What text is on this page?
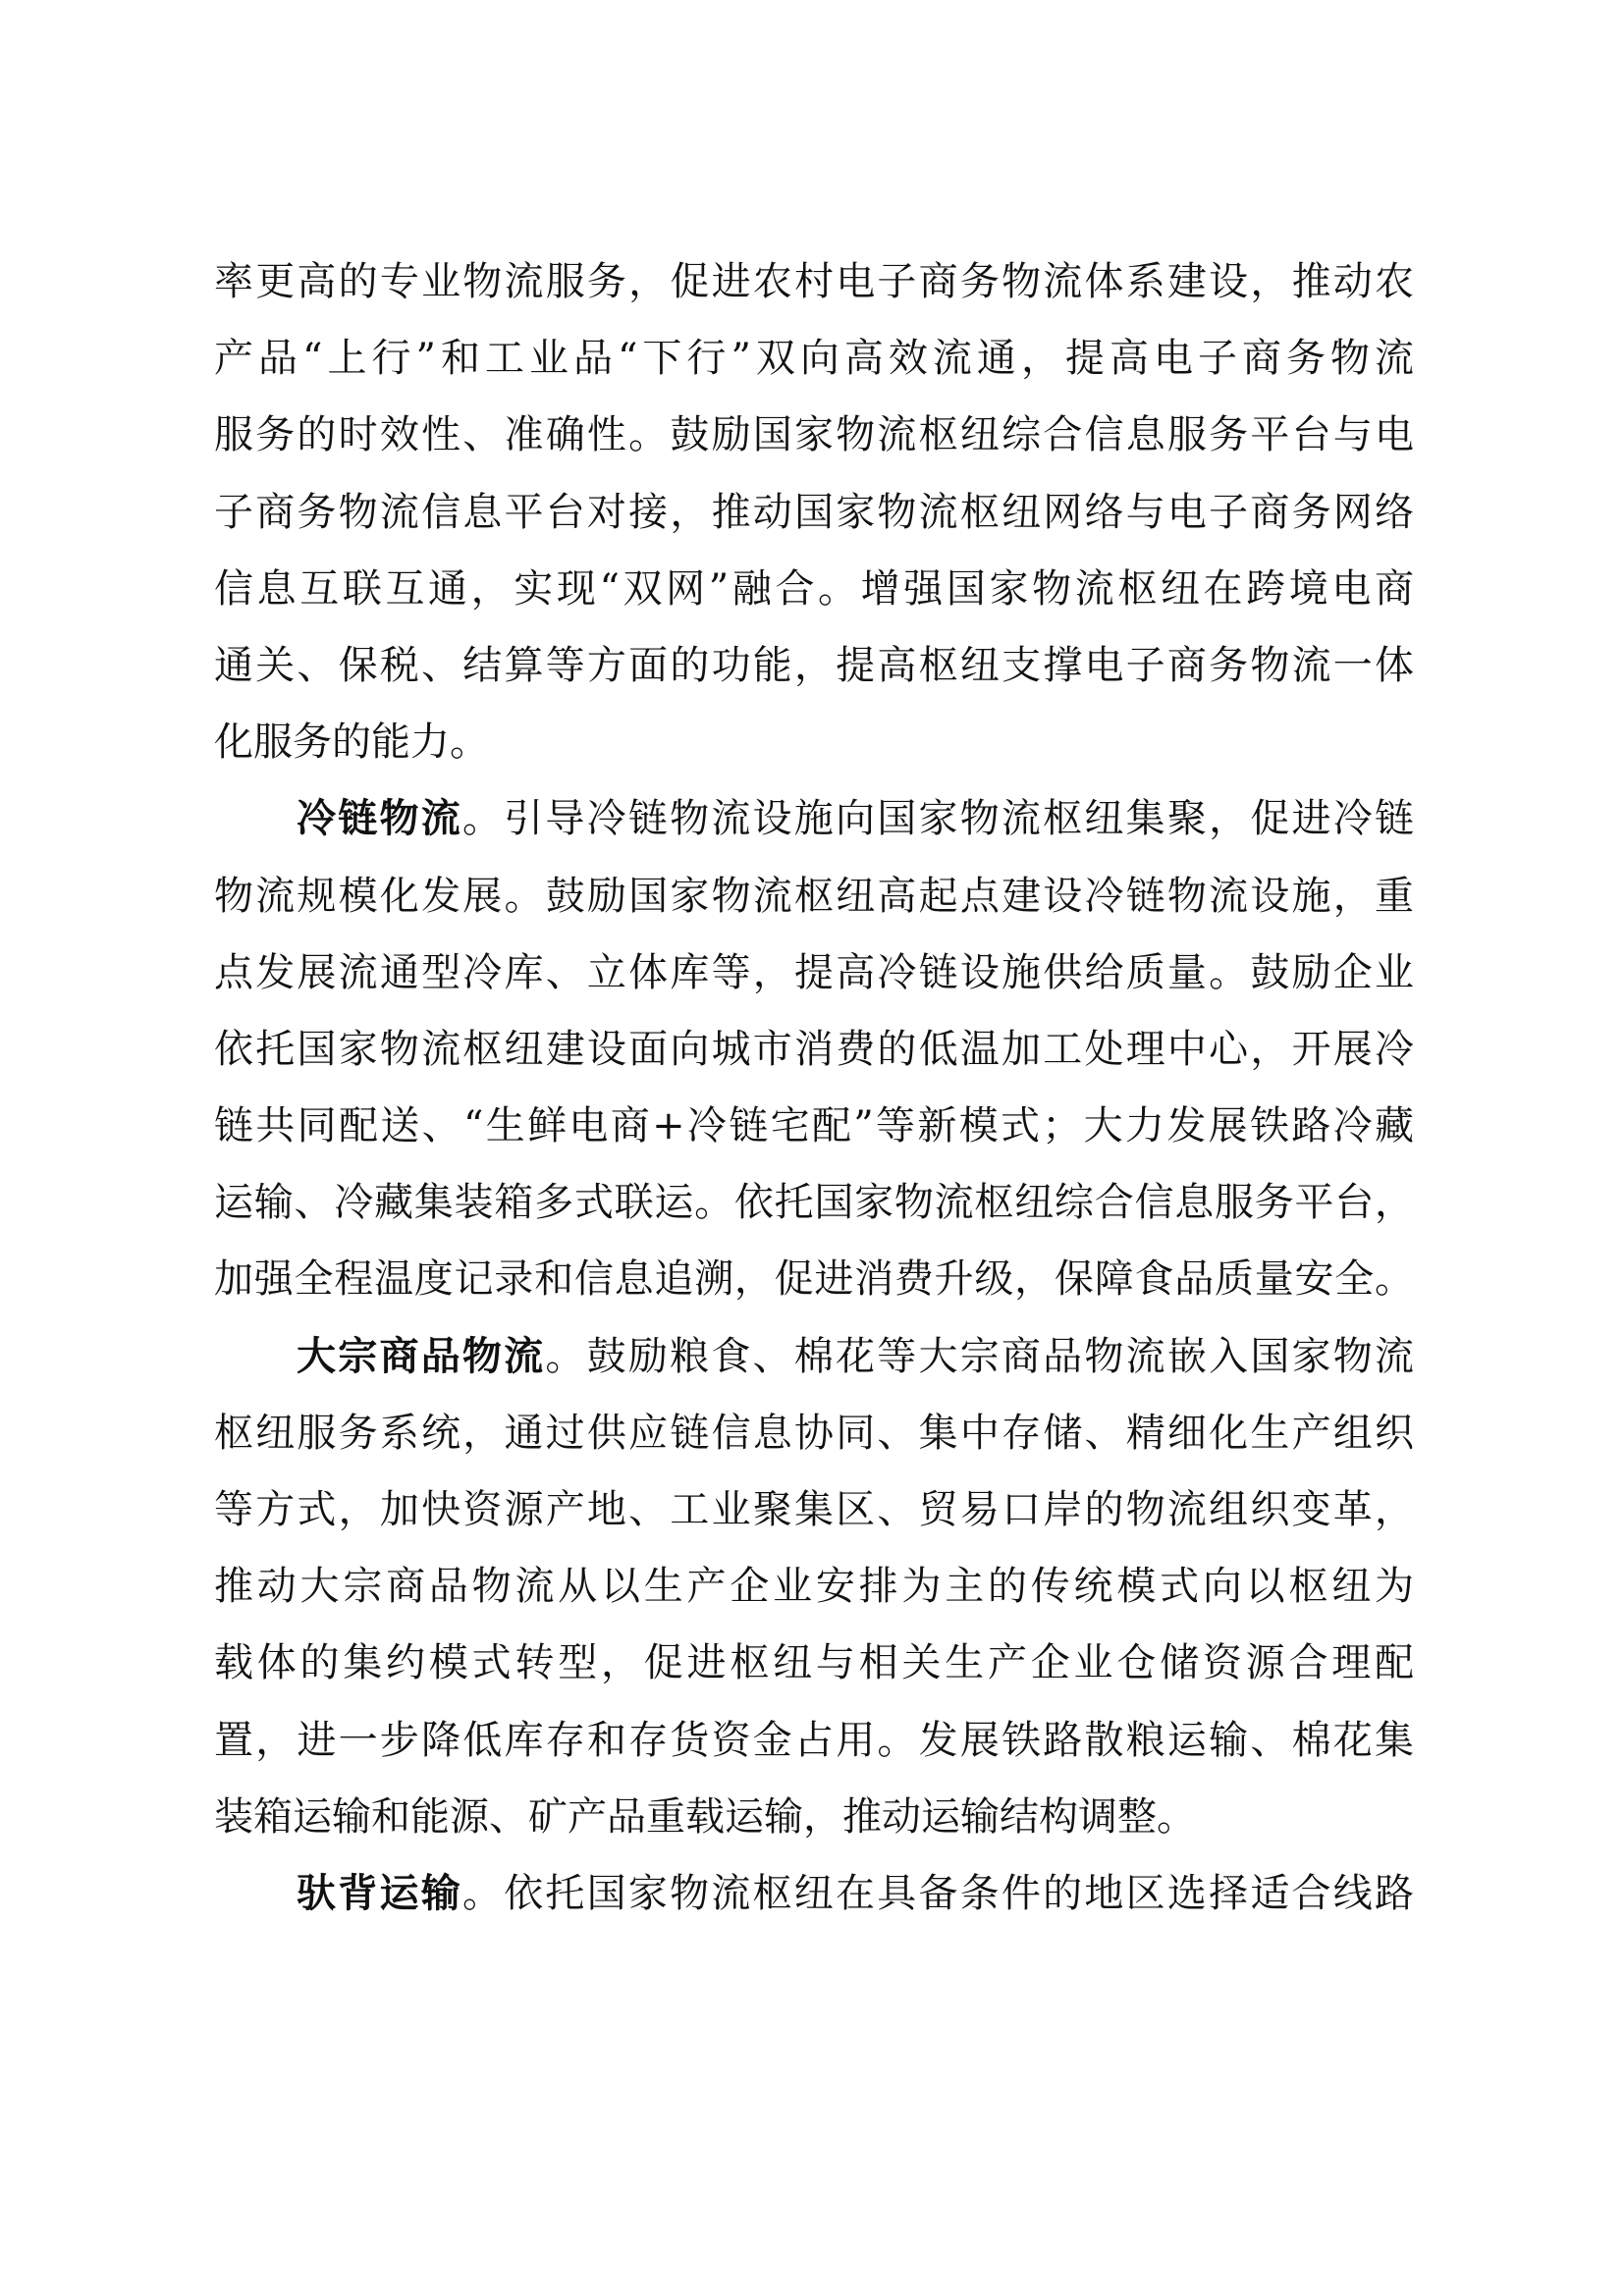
率更高的专业物流服务，促进农村电子商务物流体系建设，推动农
产品“上行”和工业品“下行”双向高效流通，提高电子商务物流
服务的时效性、准确性。鼓励国家物流枢纽综合信息服务平台与电
子商务物流信息平台对接，推动国家物流枢纽网络与电子商务网络
信息互联互通，实现“双网”融合。增强国家物流枢纽在跨境电商
通关、保税、结算等方面的功能，提高枢纽支撑电子商务物流一体
化服务的能力。
冷链物流。引导冷链物流设施向国家物流枢纽集聚，促进冷链
物流规模化发展。鼓励国家物流枢纽高起点建设冷链物流设施，重
点发展流通型冷库、立体库等，提高冷链设施供给质量。鼓励企业
依托国家物流枢纽建设面向城市消费的低温加工处理中心，开展冷
链共同配送、“生鲜电商+冷链宅配”等新模式；大力发展铁路冷藏
运输、冷藏集装箱多式联运。依托国家物流枢纽综合信息服务平台，
加强全程温度记录和信息追溯，促进消费升级，保障食品质量安全。
大宗商品物流。鼓励粮食、棉花等大宗商品物流嵌入国家物流
枢纽服务系统，通过供应链信息协同、集中存储、精细化生产组织
等方式，加快资源产地、工业聚集区、贸易口岸的物流组织变革，
推动大宗商品物流从以生产企业安排为主的传统模式向以枢纽为
载体的集约模式转型，促进枢纽与相关生产企业仓储资源合理配
置，进一步降低库存和存货资金占用。发展铁路散粮运输、棉花集
装箱运输和能源、矿产品重载运输，推动运输结构调整。
驮背运输。依托国家物流枢纽在具备条件的地区选择适合线路
